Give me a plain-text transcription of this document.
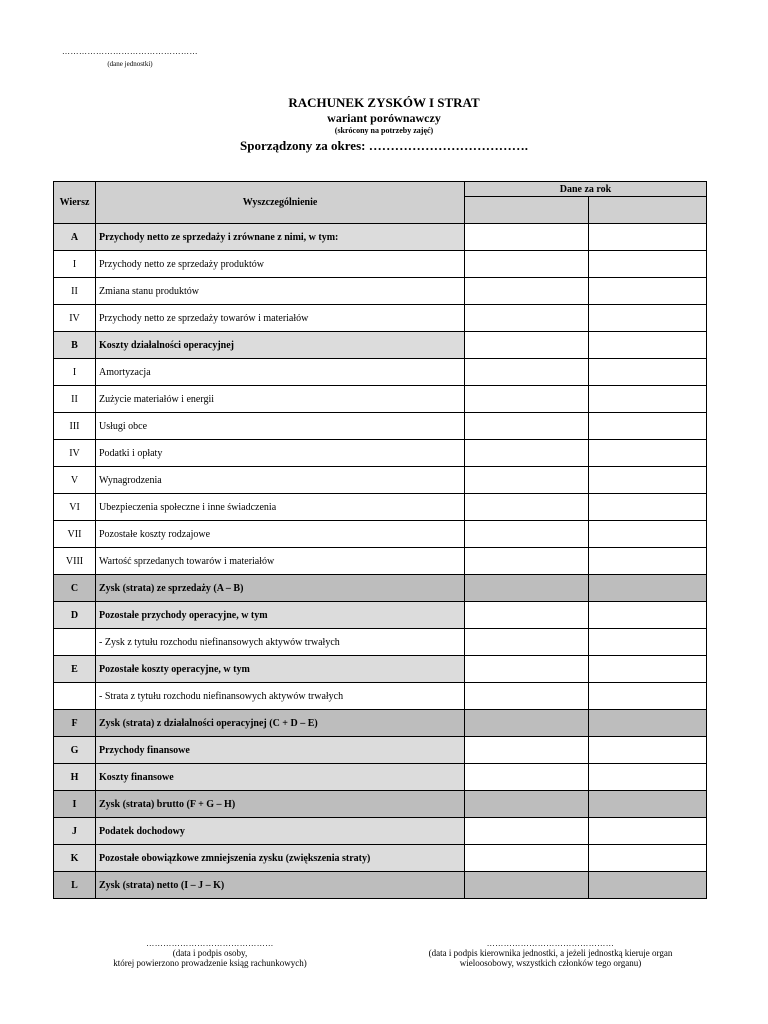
…………………………………………
(dane jednostki)
RACHUNEK ZYSKÓW I STRAT
wariant porównawczy
(skrócony na potrzeby zajęć)
Sporządzony za okres: ……………………………….
Wiersz	Wyszczególnienie	Dane za rok	

A	Przychody netto ze sprzedaży i zrównane z nimi, w tym:		
I	Przychody netto ze sprzedaży produktów		
II	Zmiana stanu produktów		
IV	Przychody netto ze sprzedaży towarów i materiałów		
B	Koszty działalności operacyjnej		
I	Amortyzacja		
II	Zużycie materiałów i energii		
III	Usługi obce		
IV	Podatki i opłaty		
V	Wynagrodzenia		
VI	Ubezpieczenia społeczne i inne świadczenia		
VII	Pozostałe koszty rodzajowe		
VIII	Wartość sprzedanych towarów i materiałów		
C	Zysk (strata) ze sprzedaży (A – B)		
D	Pozostałe przychody operacyjne, w tym		
	- Zysk z tytułu rozchodu niefinansowych aktywów trwałych		
E	Pozostałe koszty operacyjne, w tym		
	- Strata z tytułu rozchodu niefinansowych aktywów trwałych		
F	Zysk (strata) z działalności operacyjnej (C + D – E)		
G	Przychody finansowe		
H	Koszty finansowe		
I	Zysk (strata) brutto (F + G – H)		
J	Podatek dochodowy		
K	Pozostałe obowiązkowe zmniejszenia zysku (zwiększenia straty)		
L	Zysk (strata) netto (I – J – K)		
………………………………………
(data i podpis osoby,
której powierzono prowadzenie ksiąg rachunkowych)
………………………………………
(data i podpis kierownika jednostki, a jeżeli jednostką kieruje organ
wieloosobowy, wszystkich członków tego organu)
